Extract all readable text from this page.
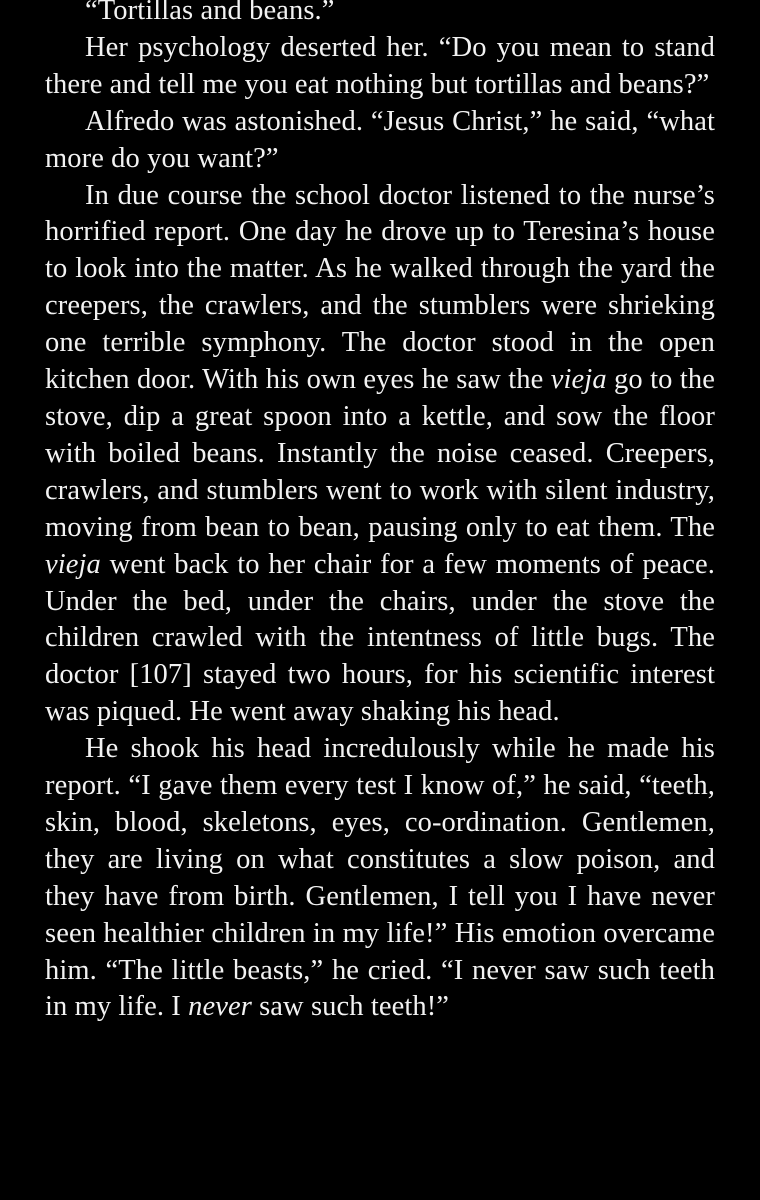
“Tortillas and beans.”

Her psychology deserted her. “Do you mean to stand there and tell me you eat nothing but tortillas and beans?”

Alfredo was astonished. “Jesus Christ,” he said, “what more do you want?”

In due course the school doctor listened to the nurse’s horrified report. One day he drove up to Teresina’s house to look into the matter. As he walked through the yard the creepers, the crawlers, and the stumblers were shrieking one terrible symphony. The doctor stood in the open kitchen door. With his own eyes he saw the vieja go to the stove, dip a great spoon into a kettle, and sow the floor with boiled beans. Instantly the noise ceased. Creepers, crawlers, and stumblers went to work with silent industry, moving from bean to bean, pausing only to eat them. The vieja went back to her chair for a few moments of peace. Under the bed, under the chairs, under the stove the children crawled with the intentness of little bugs. The doctor [107] stayed two hours, for his scientific interest was piqued. He went away shaking his head.

He shook his head incredulously while he made his report. “I gave them every test I know of,” he said, “teeth, skin, blood, skeletons, eyes, co-ordination. Gentlemen, they are living on what constitutes a slow poison, and they have from birth. Gentlemen, I tell you I have never seen healthier children in my life!” His emotion overcame him. “The little beasts,” he cried. “I never saw such teeth in my life. I never saw such teeth!”
